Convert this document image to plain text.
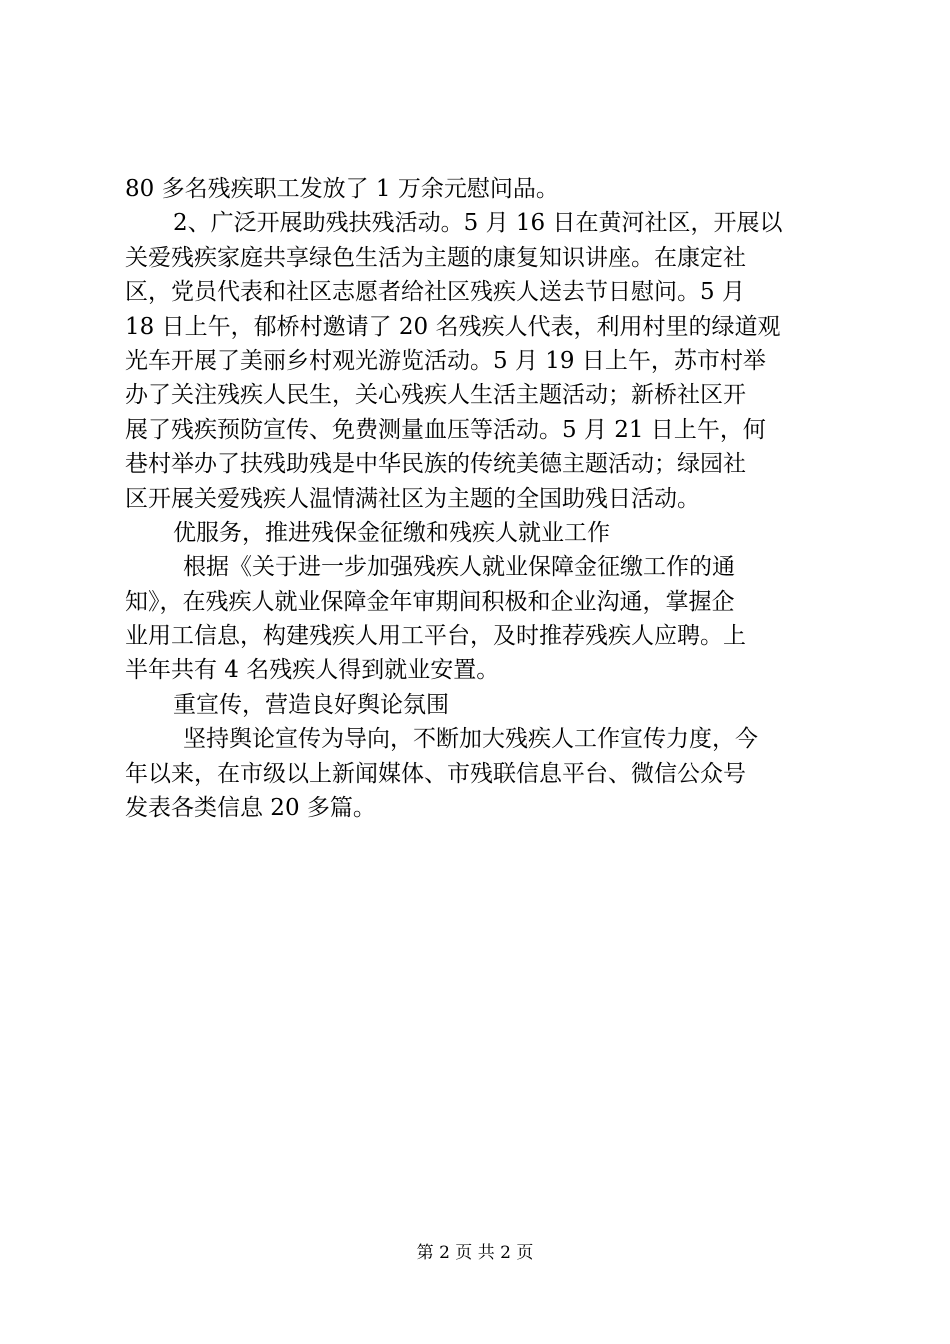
80 多名残疾职工发放了 1 万余元慰问品。
2、广泛开展助残扶残活动。5 月 16 日在黄河社区，开展以
关爱残疾家庭共享绿色生活为主题的康复知识讲座。在康定社
区，党员代表和社区志愿者给社区残疾人送去节日慰问。5 月
18 日上午，郁桥村邀请了 20 名残疾人代表，利用村里的绿道观
光车开展了美丽乡村观光游览活动。5 月 19 日上午，苏市村举
办了关注残疾人民生，关心残疾人生活主题活动；新桥社区开
展了残疾预防宣传、免费测量血压等活动。5 月 21 日上午，何
巷村举办了扶残助残是中华民族的传统美德主题活动；绿园社
区开展关爱残疾人温情满社区为主题的全国助残日活动。
优服务，推进残保金征缴和残疾人就业工作
根据《关于进一步加强残疾人就业保障金征缴工作的通
知》，在残疾人就业保障金年审期间积极和企业沟通，掌握企
业用工信息，构建残疾人用工平台，及时推荐残疾人应聘。上
半年共有 4 名残疾人得到就业安置。
重宣传，营造良好舆论氛围
坚持舆论宣传为导向，不断加大残疾人工作宣传力度，今
年以来，在市级以上新闻媒体、市残联信息平台、微信公众号
发表各类信息 20 多篇。
第 2 页 共 2 页
